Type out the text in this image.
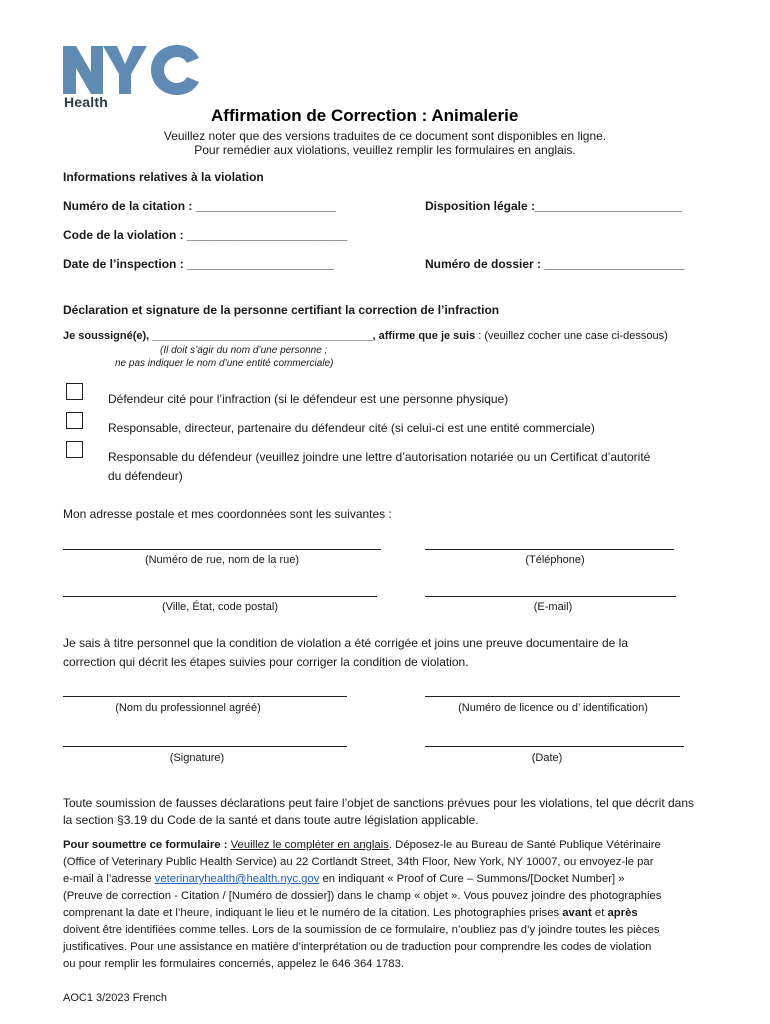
Health
Affirmation de Correction : Animalerie
Veuillez noter que des versions traduites de ce document sont disponibles en ligne.
Pour remédier aux violations, veuillez remplir les formulaires en anglais.
Informations relatives à la violation
Numéro de la citation : _____________________	Disposition légale :______________________
Code de la violation : ________________________
Date de l’inspection : ______________________	Numéro de dossier : _____________________
Déclaration et signature de la personne certifiant la correction de l’infraction
Je soussigné(e), ____________________________________, affirme que je suis : (veuillez cocher une case ci-dessous)
(Il doit s’agir du nom d’une personne ;
ne pas indiquer le nom d’une entité commerciale)
Défendeur cité pour l’infraction (si le défendeur est une personne physique)
Responsable, directeur, partenaire du défendeur cité (si celui-ci est une entité commerciale)
Responsable du défendeur (veuillez joindre une lettre d’autorisation notariée ou un Certificat d’autorité
du défendeur)
Mon adresse postale et mes coordonnées sont les suivantes :
(Numéro de rue, nom de la rue)	(Téléphone)
(Ville, État, code postal)	(E-mail)
Je sais à titre personnel que la condition de violation a été corrigée et joins une preuve documentaire de la
correction qui décrit les étapes suivies pour corriger la condition de violation.
(Nom du professionnel agréé)	(Numéro de licence ou d’ identification)
(Signature)	(Date)
Toute soumission de fausses déclarations peut faire l’objet de sanctions prévues pour les violations, tel que décrit dans
la section §3.19 du Code de la santé et dans toute autre législation applicable.
Pour soumettre ce formulaire : Veuillez le compléter en anglais. Déposez-le au Bureau de Santé Publique Vétérinaire
(Office of Veterinary Public Health Service) au 22 Cortlandt Street, 34th Floor, New York, NY 10007, ou envoyez-le par
e-mail à l’adresse veterinaryhealth@health.nyc.gov en indiquant « Proof of Cure – Summons/[Docket Number] »
(Preuve de correction - Citation / [Numéro de dossier]) dans le champ « objet ». Vous pouvez joindre des photographies
comprenant la date et l’heure, indiquant le lieu et le numéro de la citation. Les photographies prises avant et après
doivent être identifiées comme telles. Lors de la soumission de ce formulaire, n’oubliez pas d’y joindre toutes les pièces
justificatives. Pour une assistance en matière d’interprétation ou de traduction pour comprendre les codes de violation
ou pour remplir les formulaires concernés, appelez le 646 364 1783.
AOC1 3/2023 French
